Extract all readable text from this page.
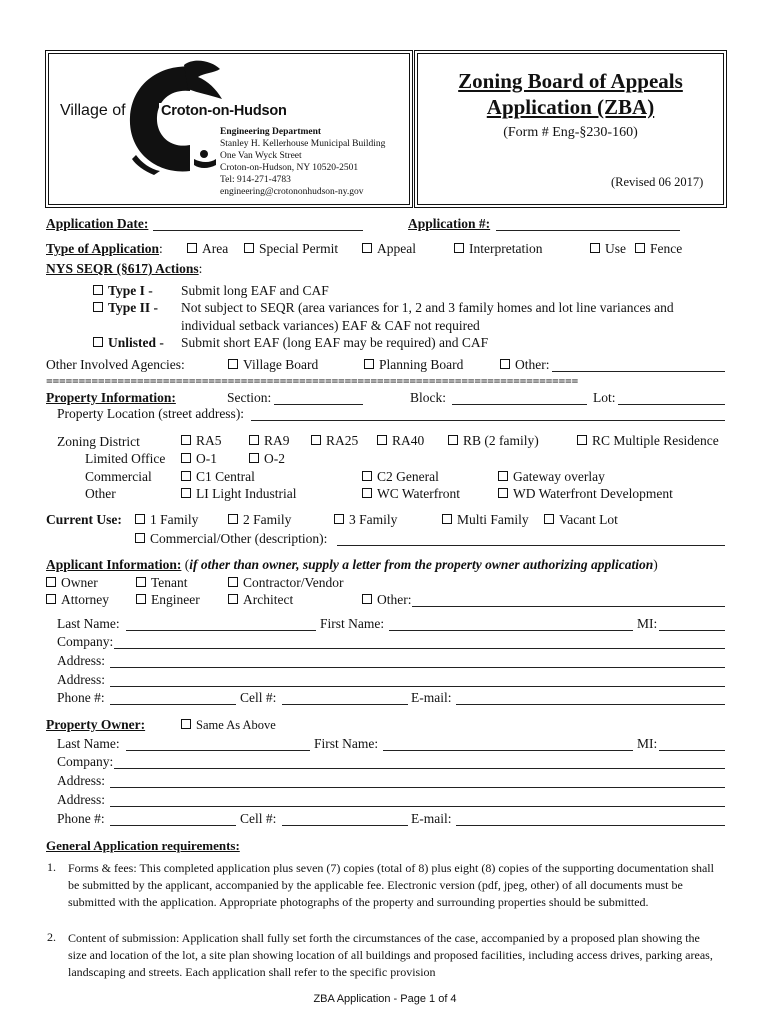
Village of Croton-on-Hudson
Engineering Department
Stanley H. Kellerhouse Municipal Building
One Van Wyck Street
Croton-on-Hudson, NY 10520-2501
Tel: 914-271-4783
engineering@crotononhudson-ny.gov
Zoning Board of Appeals
Application (ZBA)
(Form # Eng-§230-160)
(Revised 06 2017)
Application Date:	Application #:
Type of Application:	Area	Special Permit	Appeal	Interpretation	Use	Fence
NYS SEQR (§617) Actions:
Type I - Submit long EAF and CAF
Type II - Not subject to SEQR (area variances for 1, 2 and 3 family homes and lot line variances and
individual setback variances) EAF & CAF not required
Unlisted - Submit short EAF (long EAF may be required) and CAF
Other Involved Agencies:	Village Board	Planning Board	Other:
==================================================================================
Property Information:	Section:	Block:	Lot:
Property Location (street address):
Zoning District	RA5	RA9	RA25	RA40	RB (2 family)	RC Multiple Residence
Limited Office	O-1	O-2
Commercial	C1 Central	C2 General	Gateway overlay
Other	LI Light Industrial	WC Waterfront	WD Waterfront Development
Current Use:	1 Family	2 Family	3 Family	Multi Family	Vacant Lot
Commercial/Other (description):
Applicant Information: (if other than owner, supply a letter from the property owner authorizing application)
Owner	Tenant	Contractor/Vendor
Attorney	Engineer	Architect	Other:
Last Name:	First Name:	MI:
Company:
Address:
Address:
Phone #:	Cell #:	E-mail:
Property Owner:	Same As Above
Last Name:	First Name:	MI:
Company:
Address:
Address:
Phone #:	Cell #:	E-mail:
General Application requirements:
1. Forms & fees: This completed application plus seven (7) copies (total of 8) plus eight (8) copies of the supporting documentation shall be submitted by the applicant, accompanied by the applicable fee. Electronic version (pdf, jpeg, other) of all documents must be submitted with the application. Appropriate photographs of the property and surrounding properties should be submitted.
2. Content of submission: Application shall fully set forth the circumstances of the case, accompanied by a proposed plan showing the size and location of the lot, a site plan showing location of all buildings and proposed facilities, including access drives, parking areas, landscaping and streets. Each application shall refer to the specific provision
ZBA Application - Page 1 of 4
